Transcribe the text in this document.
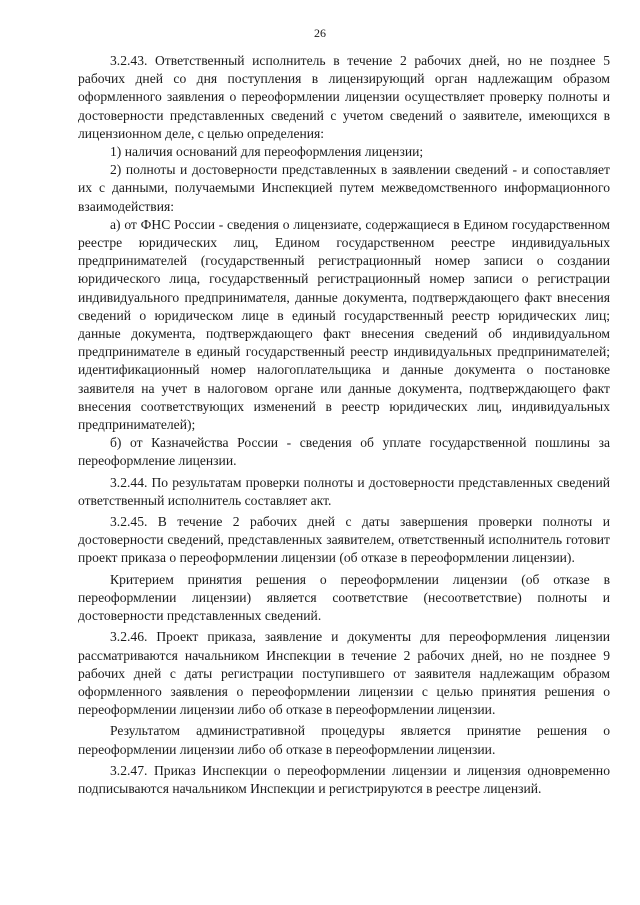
26

3.2.43. Ответственный исполнитель в течение 2 рабочих дней, но не позднее 5 рабочих дней со дня поступления в лицензирующий орган надлежащим образом оформленного заявления о переоформлении лицензии осуществляет проверку полноты и достоверности представленных сведений с учетом сведений о заявителе, имеющихся в лицензионном деле, с целью определения:

1) наличия оснований для переоформления лицензии;

2) полноты и достоверности представленных в заявлении сведений - и сопоставляет их с данными, получаемыми Инспекцией путем межведомственного информационного взаимодействия:

а) от ФНС России - сведения о лицензиате, содержащиеся в Едином государственном реестре юридических лиц, Едином государственном реестре индивидуальных предпринимателей (государственный регистрационный номер записи о создании юридического лица, государственный регистрационный номер записи о регистрации индивидуального предпринимателя, данные документа, подтверждающего факт внесения сведений о юридическом лице в единый государственный реестр юридических лиц; данные документа, подтверждающего факт внесения сведений об индивидуальном предпринимателе в единый государственный реестр индивидуальных предпринимателей; идентификационный номер налогоплательщика и данные документа о постановке заявителя на учет в налоговом органе или данные документа, подтверждающего факт внесения соответствующих изменений в реестр юридических лиц, индивидуальных предпринимателей);

б) от Казначейства России - сведения об уплате государственной пошлины за переоформление лицензии.

3.2.44. По результатам проверки полноты и достоверности представленных сведений ответственный исполнитель составляет акт.

3.2.45. В течение 2 рабочих дней с даты завершения проверки полноты и достоверности сведений, представленных заявителем, ответственный исполнитель готовит проект приказа о переоформлении лицензии (об отказе в переоформлении лицензии).

Критерием принятия решения о переоформлении лицензии (об отказе в переоформлении лицензии) является соответствие (несоответствие) полноты и достоверности представленных сведений.

3.2.46. Проект приказа, заявление и документы для переоформления лицензии рассматриваются начальником Инспекции в течение 2 рабочих дней, но не позднее 9 рабочих дней с даты регистрации поступившего от заявителя надлежащим образом оформленного заявления о переоформлении лицензии с целью принятия решения о переоформлении лицензии либо об отказе в переоформлении лицензии.

Результатом административной процедуры является принятие решения о переоформлении лицензии либо об отказе в переоформлении лицензии.

3.2.47. Приказ Инспекции о переоформлении лицензии и лицензия одновременно подписываются начальником Инспекции и регистрируются в реестре лицензий.
